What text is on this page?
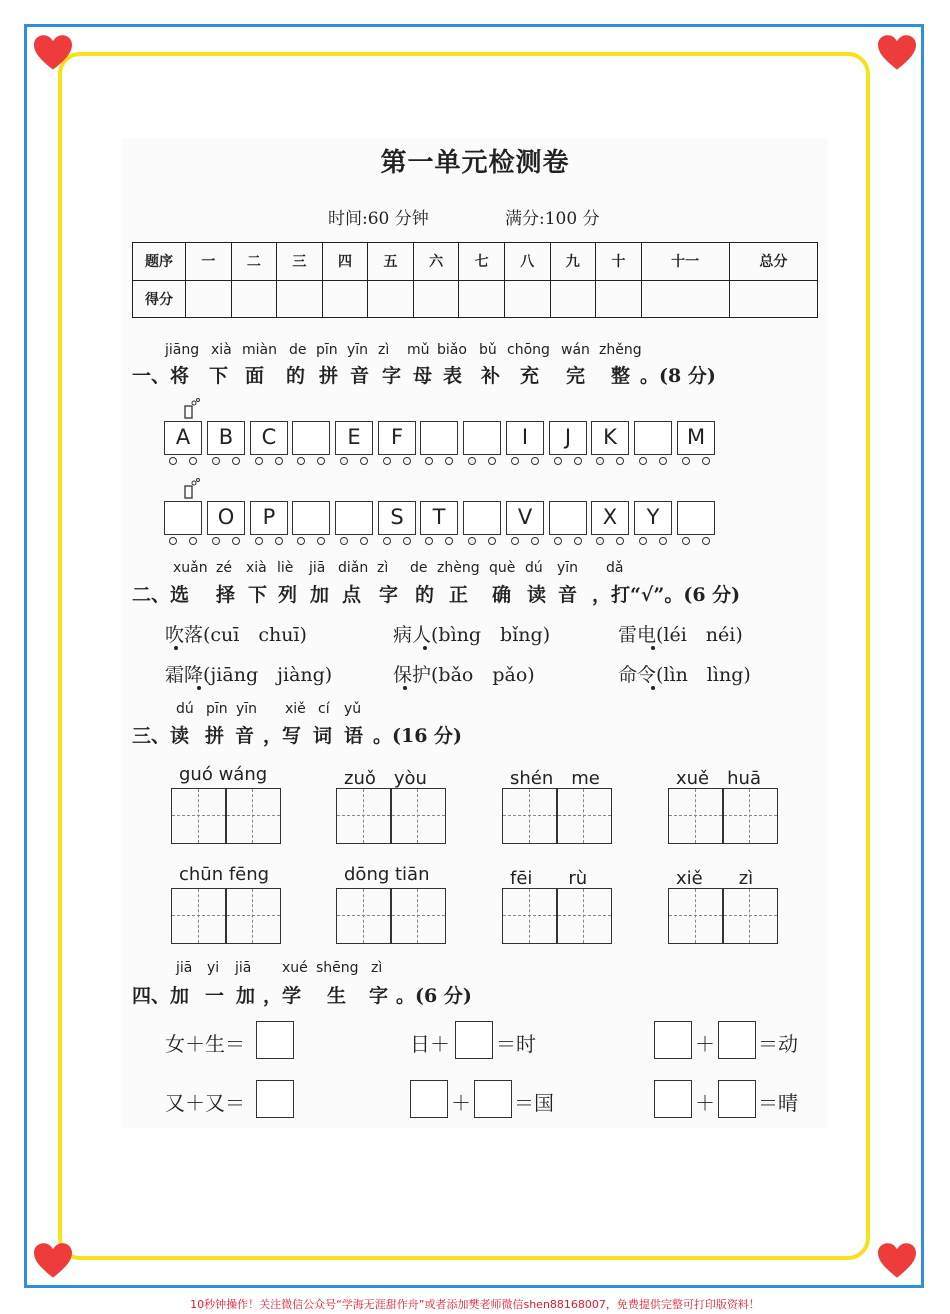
第一单元检测卷
时间:60 分钟	满分:100 分
题序	一	二	三	四	五	六	七	八	九	十	十一	总分
得分												
jiāng xià miàn de pīn yīn zì mǔ biǎo bǔ chōng wán zhěng
一、将 下 面 的 拼 音 字 母 表 补 充 完 整 。(8 分)
A	B	C	E	F	I	J	K	M
O	P	S	T	V	X	Y
xuǎn zé xià liè jiā diǎn zì de zhèng què dú yīn dǎ
二、选 择 下 列 加 点 字 的 正 确 读 音 ，打“√”。(6 分)
吹落(cuī　chuī)	病人(bìng　bǐng)	雷电(léi　néi)
霜降(jiāng　jiàng)	保护(bǎo　pǎo)	命令(lìn　lìng)
dú pīn yīn xiě cí yǔ
三、读 拼 音 ，写 词 语 。(16 分)
guó wáng	zuǒ　yòu	shén　me	xuě　huā
chūn fēng	dōng tiān	fēi　　rù	xiě　　zì
jiā yi jiā xué shēng zì
四、加 一 加 ，学 生 字 。(6 分)
女＋生＝	日＋ ＝时	＋ ＝动
又＋又＝	＋ ＝国	＋ ＝晴
10秒钟操作！关注微信公众号“学海无涯甜作舟”或者添加樊老师微信shen88168007，免费提供完整可打印版资料！
